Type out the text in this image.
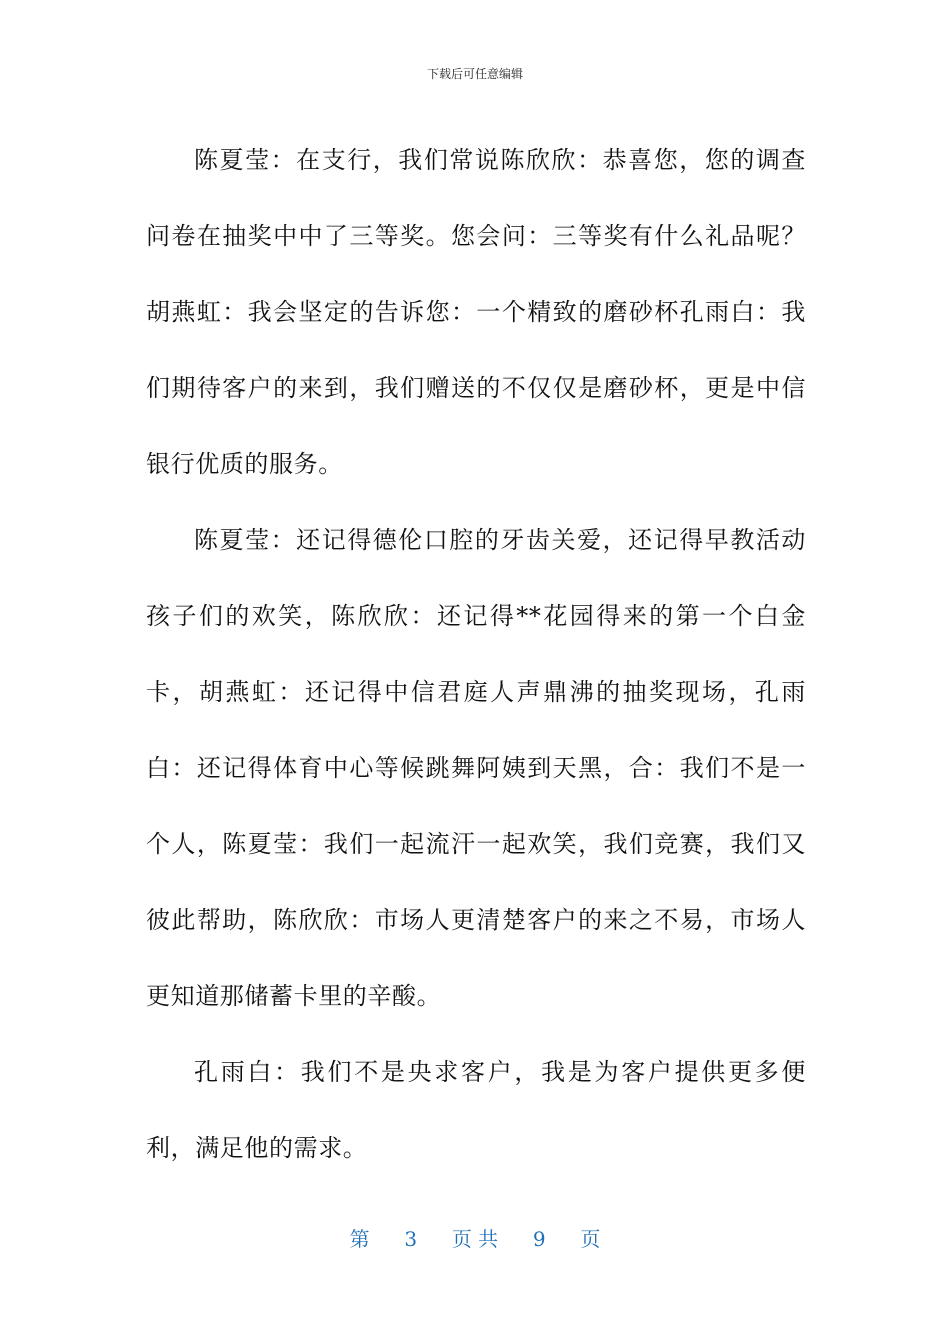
下载后可任意编辑

陈夏莹：在支行，我们常说陈欣欣：恭喜您，您的调查问卷在抽奖中中了三等奖。您会问：三等奖有什么礼品呢？胡燕虹：我会坚定的告诉您：一个精致的磨砂杯孔雨白：我们期待客户的来到，我们赠送的不仅仅是磨砂杯，更是中信银行优质的服务。

陈夏莹：还记得德伦口腔的牙齿关爱，还记得早教活动孩子们的欢笑，陈欣欣：还记得**花园得来的第一个白金卡，胡燕虹：还记得中信君庭人声鼎沸的抽奖现场，孔雨白：还记得体育中心等候跳舞阿姨到天黑，合：我们不是一个人，陈夏莹：我们一起流汗一起欢笑，我们竞赛，我们又彼此帮助，陈欣欣：市场人更清楚客户的来之不易，市场人更知道那储蓄卡里的辛酸。

孔雨白：我们不是央求客户，我是为客户提供更多便利，满足他的需求。

第 3 页 共 9 页
